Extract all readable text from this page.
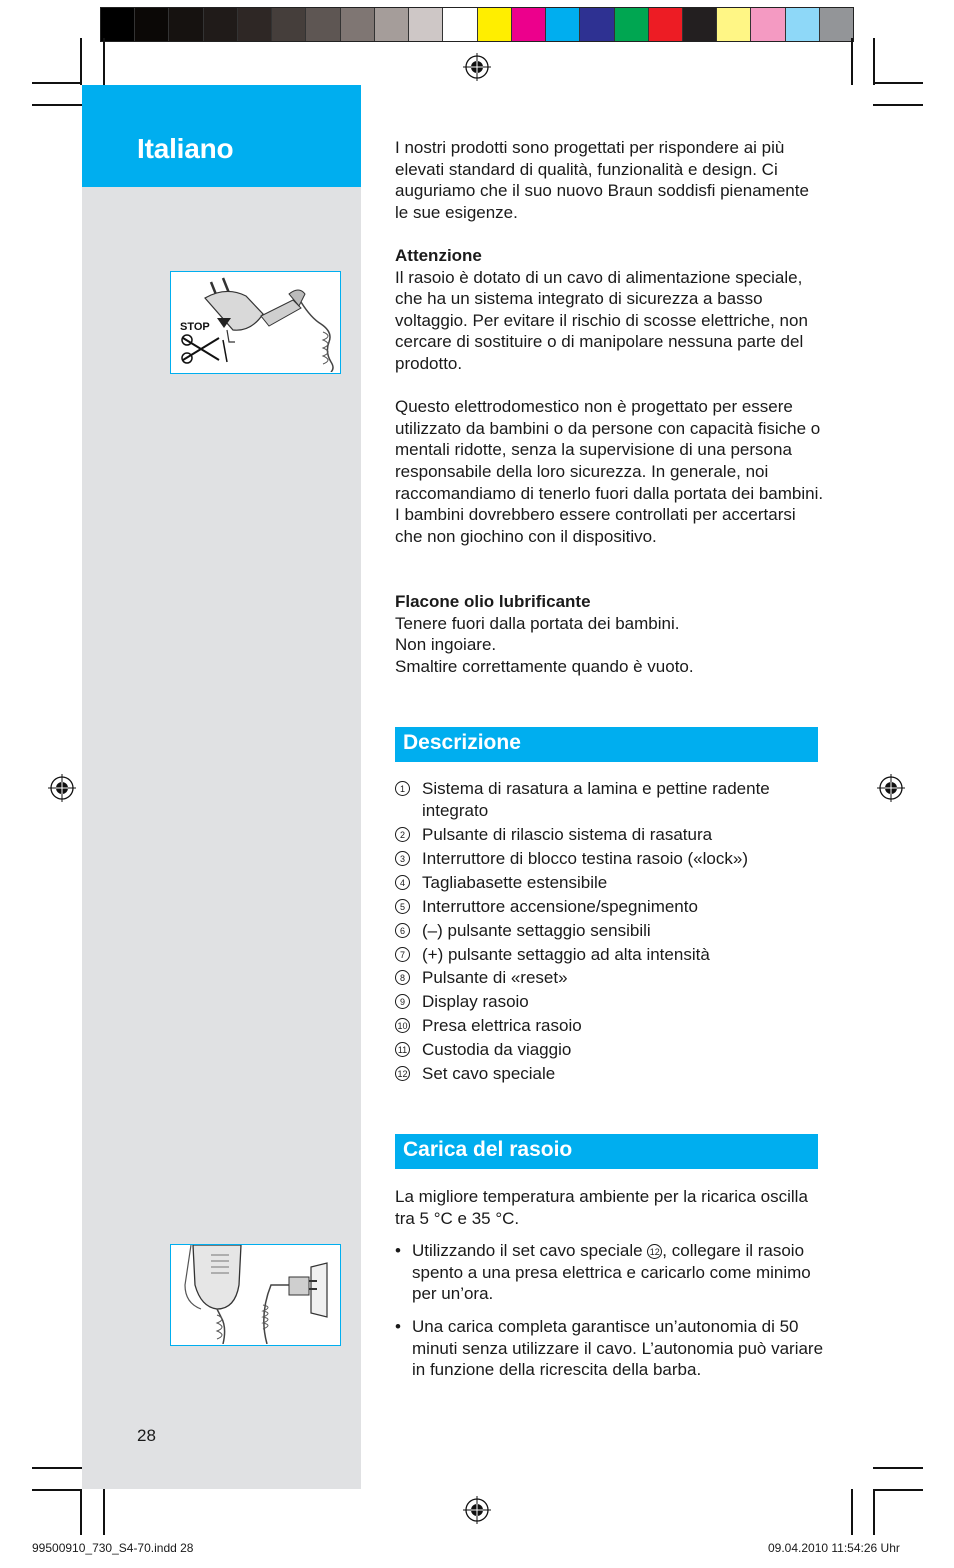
Italiano
STOP
28

I nostri prodotti sono progettati per rispondere ai più elevati standard di qualità, funzionalità e design. Ci auguriamo che il suo nuovo Braun soddisfi pienamente le sue esigenze.

Attenzione

Il rasoio è dotato di un cavo di alimentazione speciale, che ha un sistema integrato di sicurezza a basso voltaggio. Per evitare il rischio di scosse elettriche, non cercare di sostituire o di manipolare nessuna parte del prodotto.

Questo elettrodomestico non è progettato per essere utilizzato da bambini o da persone con capacità fisiche o mentali ridotte, senza la supervisione di una persona responsabile della loro sicurezza. In generale, noi raccomandiamo di tenerlo fuori dalla portata dei bambini.

I bambini dovrebbero essere controllati per accertarsi che non giochino con il dispositivo.

Flacone olio lubrificante

Tenere fuori dalla portata dei bambini.

Non ingoiare.

Smaltire correttamente quando è vuoto.

Descrizione
1 Sistema di rasatura a lamina e pettine radente integrato
2 Pulsante di rilascio sistema di rasatura
3 Interruttore di blocco testina rasoio («lock»)
4 Tagliabasette estensibile
5 Interruttore accensione/spegnimento
6 (–) pulsante settaggio sensibili
7 (+) pulsante settaggio ad alta intensità
8 Pulsante di «reset»
9 Display rasoio
10 Presa elettrica rasoio
11 Custodia da viaggio
12 Set cavo speciale
Carica del rasoio

La migliore temperatura ambiente per la ricarica oscilla tra 5 °C e 35 °C.

• Utilizzando il set cavo speciale 12 , collegare il rasoio spento a una presa elettrica e caricarlo come minimo per un’ora.

• Una carica completa garantisce un’autonomia di 50 minuti senza utilizzare il cavo. L’autonomia può variare in funzione della ricrescita della barba.
99500910_730_S4-70.indd 28	09.04.2010 11:54:26 Uhr
